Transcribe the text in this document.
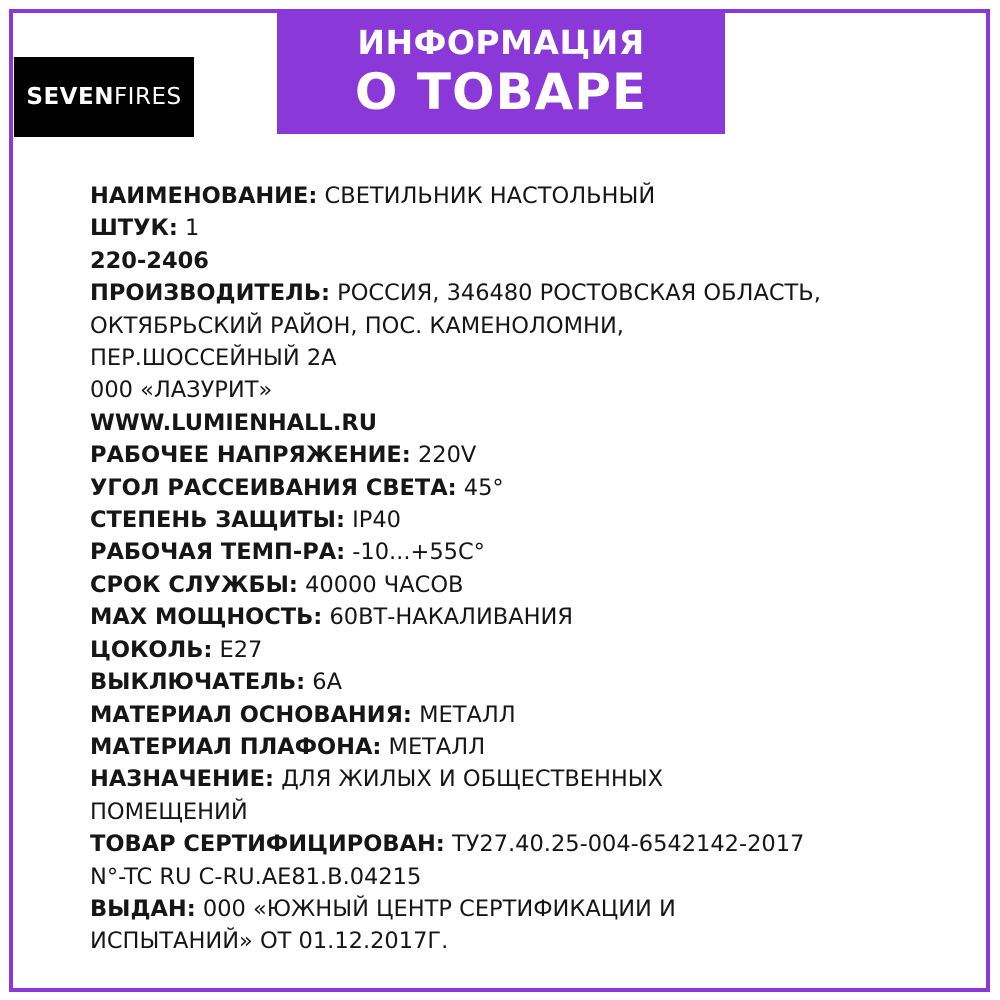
SEVEN FIRES
ИНФОРМАЦИЯ
О ТОВАРЕ
НАИМЕНОВАНИЕ: СВЕТИЛЬНИК НАСТОЛЬНЫЙ
ШТУК: 1
220-2406
ПРОИЗВОДИТЕЛЬ: РОССИЯ, 346480 РОСТОВСКАЯ ОБЛАСТЬ,
ОКТЯБРЬСКИЙ РАЙОН, ПОС. КАМЕНОЛОМНИ,
ПЕР.ШОССЕЙНЫЙ 2А
000 «ЛАЗУРИТ»
WWW.LUMIENHALL.RU
РАБОЧЕЕ НАПРЯЖЕНИЕ: 220V
УГОЛ РАССЕИВАНИЯ СВЕТА: 45°
СТЕПЕНЬ ЗАЩИТЫ: IP40
РАБОЧАЯ ТЕМП-РА: -10...+55С°
СРОК СЛУЖБЫ: 40000 ЧАСОВ
MAX МОЩНОСТЬ: 60ВТ-НАКАЛИВАНИЯ
ЦОКОЛЬ: E27
ВЫКЛЮЧАТЕЛЬ: 6A
МАТЕРИАЛ ОСНОВАНИЯ: МЕТАЛЛ
МАТЕРИАЛ ПЛАФОНА: МЕТАЛЛ
НАЗНАЧЕНИЕ: ДЛЯ ЖИЛЫХ И ОБЩЕСТВЕННЫХ
ПОМЕЩЕНИЙ
ТОВАР СЕРТИФИЦИРОВАН: ТУ27.40.25-004-6542142-2017
N°-TC RU C-RU.AE81.B.04215
ВЫДАН: 000 «ЮЖНЫЙ ЦЕНТР СЕРТИФИКАЦИИ И
ИСПЫТАНИЙ» ОТ 01.12.2017Г.
